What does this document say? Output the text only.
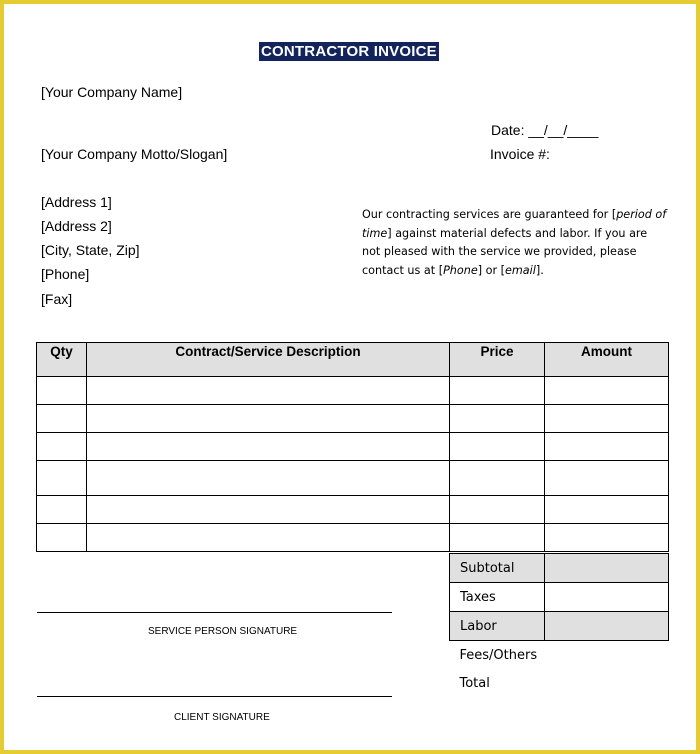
CONTRACTOR INVOICE
[Your Company Name]
[Your Company Motto/Slogan]
[Address 1]
[Address 2]
[City, State, Zip]
[Phone]
[Fax]
Date: __/__/____
Invoice #:
Our contracting services are guaranteed for [period of time] against material defects and labor. If you are not pleased with the service we provided, please contact us at [Phone] or [email].
Qty	Contract/Service Description	Price	Amount

Subtotal	
Taxes	
Labor	
Fees/Others	
Total	
SERVICE PERSON SIGNATURE
CLIENT SIGNATURE
